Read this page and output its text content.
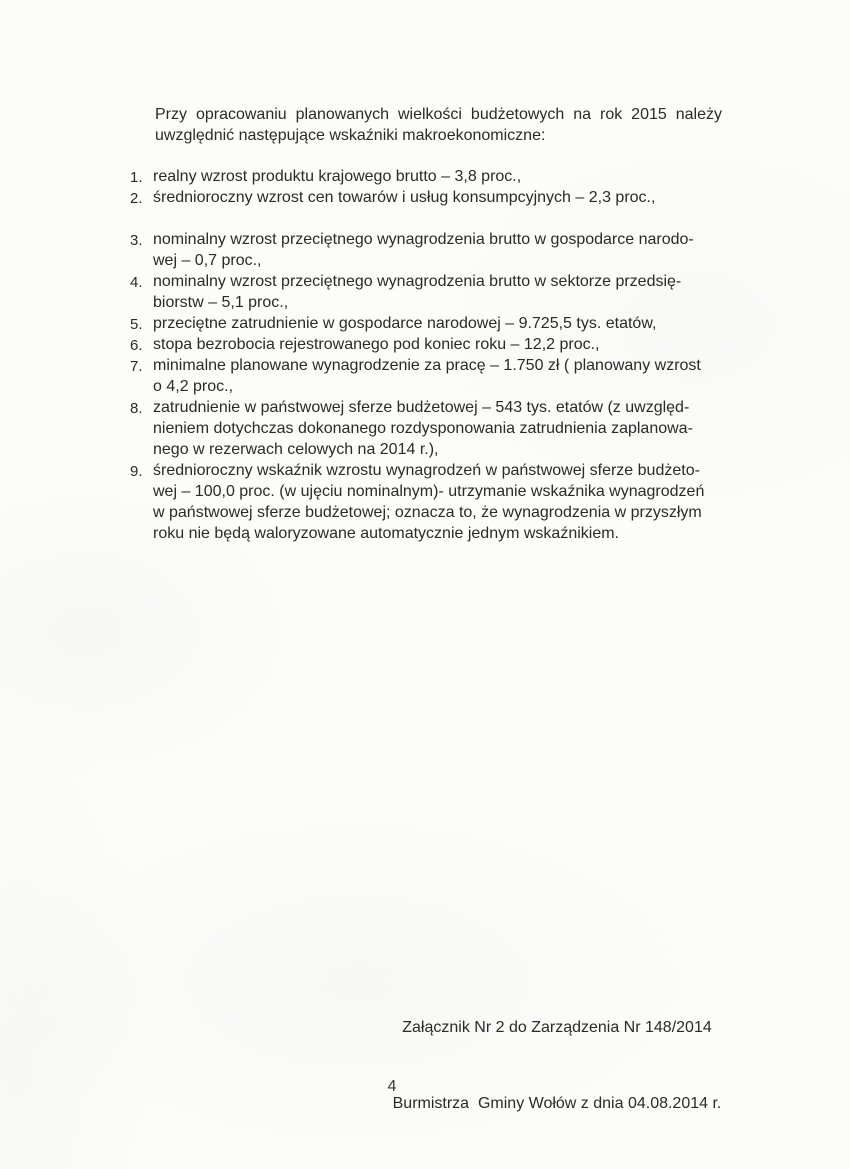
Przy opracowaniu planowanych wielkości budżetowych na rok 2015 należy
uwzględnić następujące wskaźniki makroekonomiczne:
1. realny wzrost produktu krajowego brutto – 3,8 proc.,
2. średnioroczny wzrost cen towarów i usług konsumpcyjnych – 2,3 proc.,
3. nominalny wzrost przeciętnego wynagrodzenia brutto w gospodarce narodo-
wej – 0,7 proc.,
4. nominalny wzrost przeciętnego wynagrodzenia brutto w sektorze przedsię-
biorstw – 5,1 proc.,
5. przeciętne zatrudnienie w gospodarce narodowej – 9.725,5 tys. etatów,
6. stopa bezrobocia rejestrowanego pod koniec roku – 12,2 proc.,
7. minimalne planowane wynagrodzenie za pracę – 1.750 zł ( planowany wzrost
o 4,2 proc.,
8. zatrudnienie w państwowej sferze budżetowej – 543 tys. etatów (z uwzględ-
nieniem dotychczas dokonanego rozdysponowania zatrudnienia zaplanowa-
nego w rezerwach celowych na 2014 r.),
9. średnioroczny wskaźnik wzrostu wynagrodzeń w państwowej sferze budżeto-
wej – 100,0 proc. (w ujęciu nominalnym)- utrzymanie wskaźnika wynagrodzeń
w państwowej sferze budżetowej; oznacza to, że wynagrodzenia w przyszłym
roku nie będą waloryzowane automatycznie jednym wskaźnikiem.

Załącznik Nr 2 do Zarządzenia Nr 148/2014

Burmistrza  Gminy Wołów z dnia 04.08.2014 r.

4
